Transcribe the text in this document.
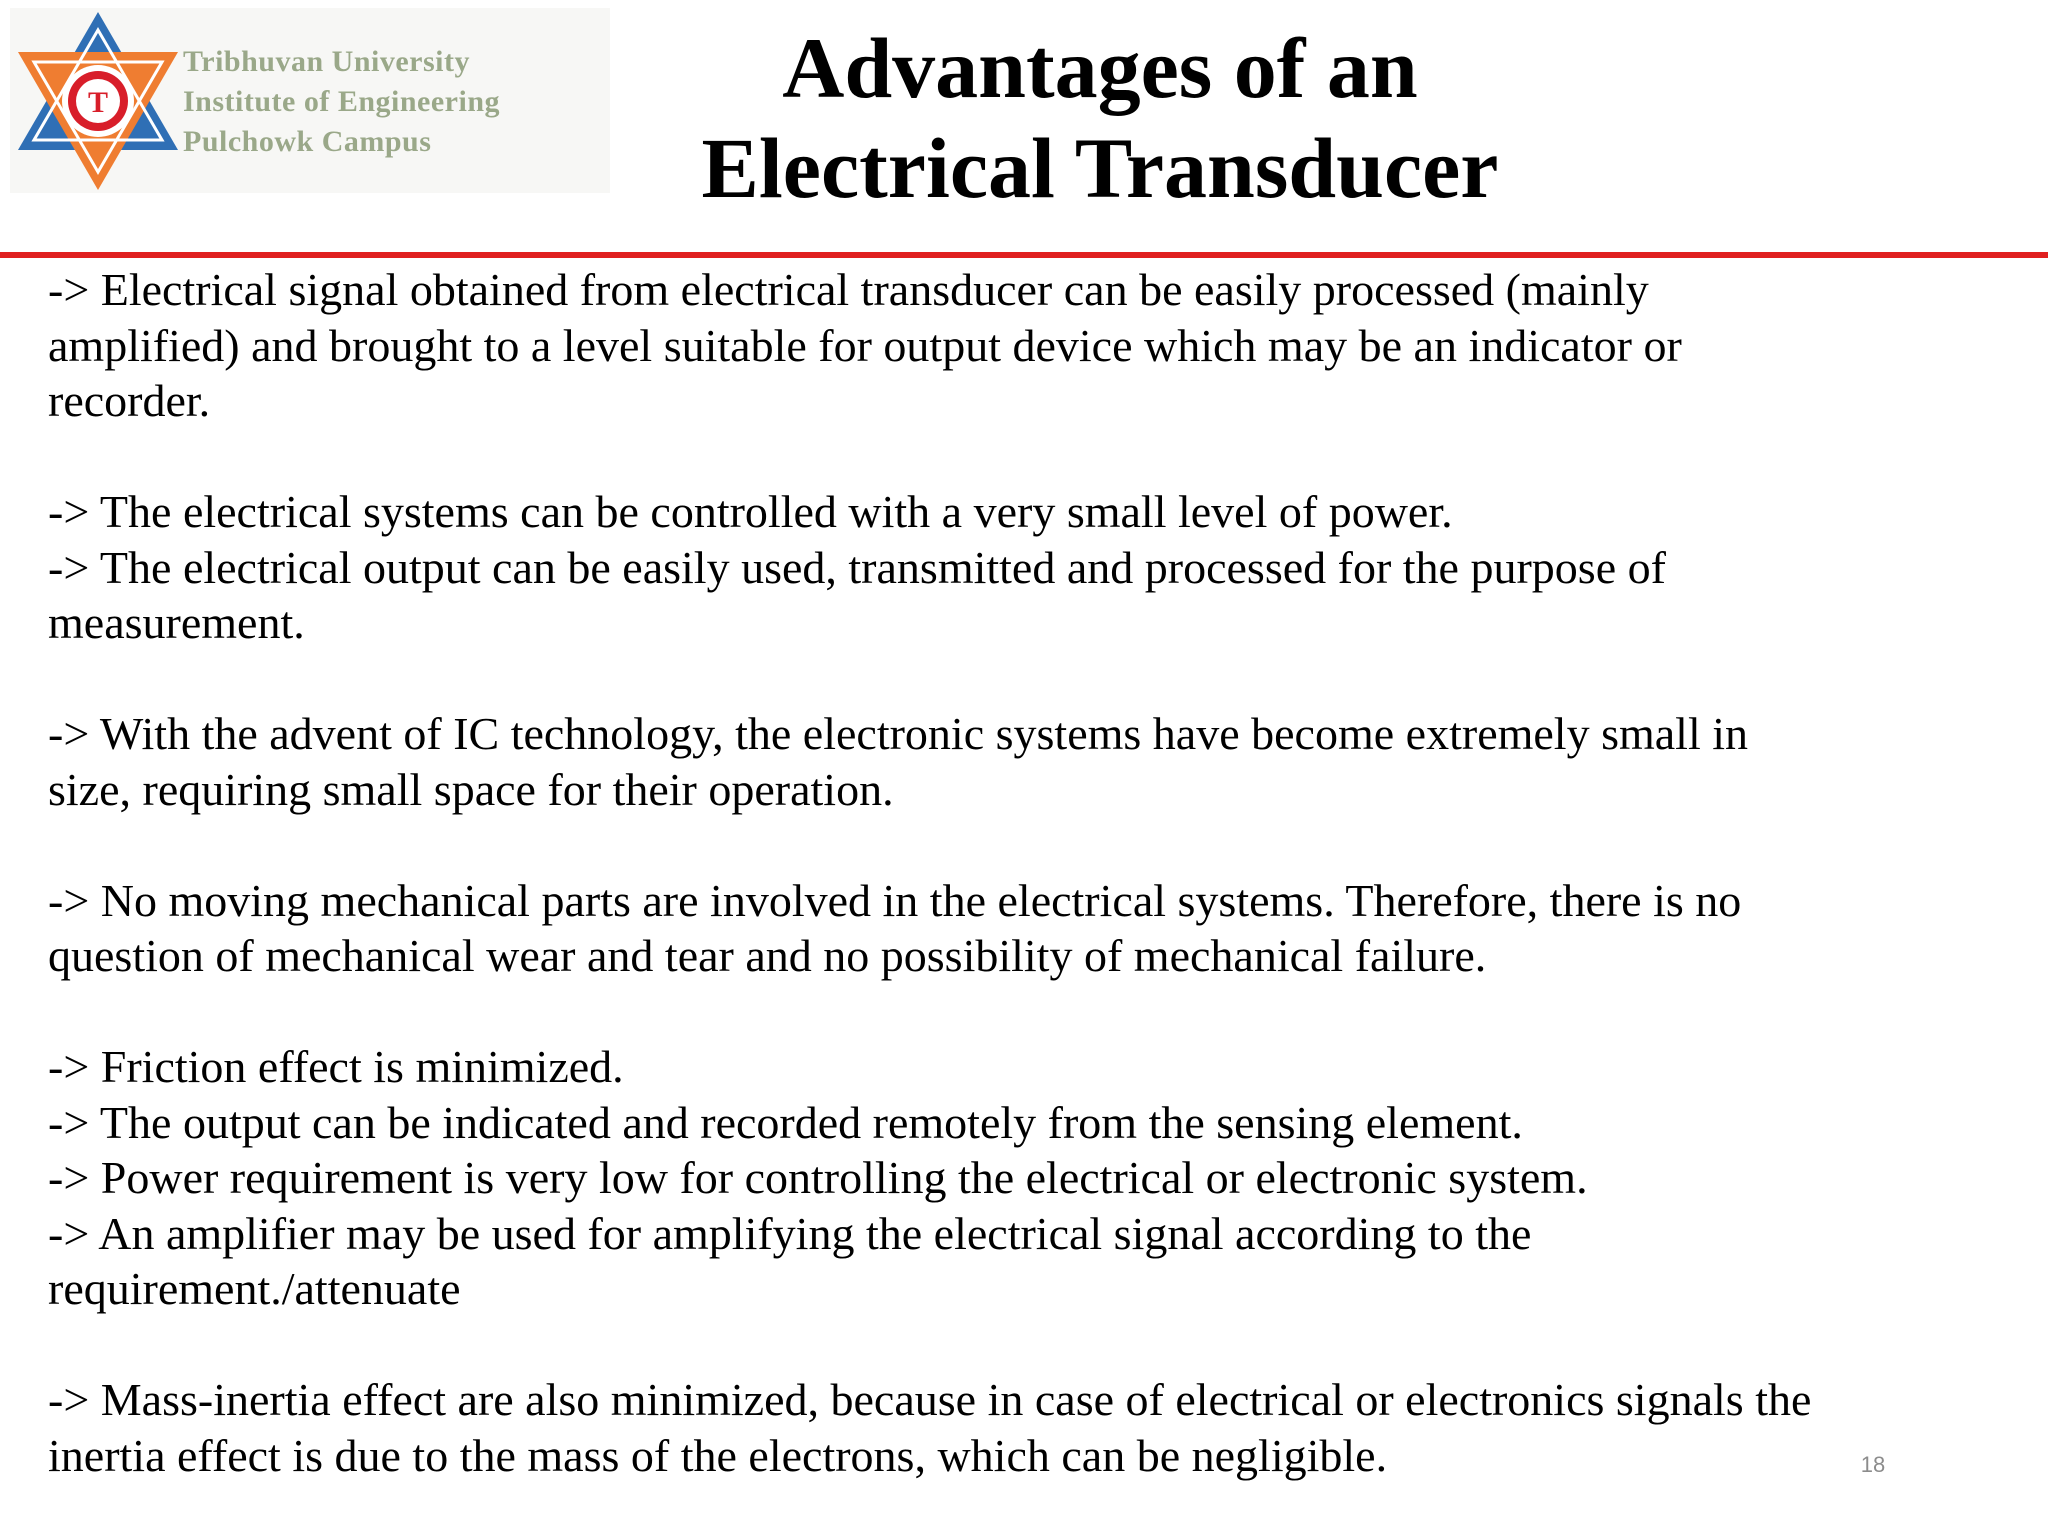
T
Tribhuvan University
Institute of Engineering
Pulchowk Campus
Advantages of an
Electrical Transducer
-> Electrical signal obtained from electrical transducer can be easily processed (mainly
amplified) and brought to a level suitable for output device which may be an indicator or
recorder.
-> The electrical systems can be controlled with a very small level of power.
-> The electrical output can be easily used, transmitted and processed for the purpose of
measurement.
-> With the advent of IC technology, the electronic systems have become extremely small in
size, requiring small space for their operation.
-> No moving mechanical parts are involved in the electrical systems. Therefore, there is no
question of mechanical wear and tear and no possibility of mechanical failure.
-> Friction effect is minimized.
-> The output can be indicated and recorded remotely from the sensing element.
-> Power requirement is very low for controlling the electrical or electronic system.
-> An amplifier may be used for amplifying the electrical signal according to the
requirement./attenuate
-> Mass-inertia effect are also minimized, because in case of electrical or electronics signals the
inertia effect is due to the mass of the electrons, which can be negligible.	18
